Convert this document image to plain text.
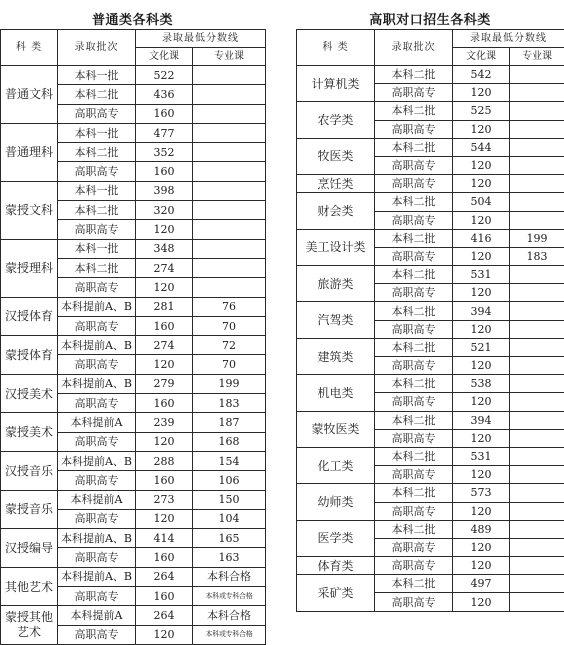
普通类各科类
科 类	录取批次	录取最低分数线	
		文化课	专业课
普通文科	本科一批	522	
	本科二批	436	
	高职高专	160	
普通理科	本科一批	477	
	本科二批	352	
	高职高专	160	
蒙授文科	本科一批	398	
	本科二批	320	
	高职高专	120	
蒙授理科	本科一批	348	
	本科二批	274	
	高职高专	120	
汉授体育	本科提前A、B	281	76
	高职高专	160	70
蒙授体育	本科提前A、B	274	72
	高职高专	120	70
汉授美术	本科提前A、B	279	199
	高职高专	160	183
蒙授美术	本科提前A	239	187
	高职高专	120	168
汉授音乐	本科提前A、B	288	154
	高职高专	160	106
蒙授音乐	本科提前A	273	150
	高职高专	120	104
汉授编导	本科提前A、B	414	165
	高职高专	160	163
其他艺术	本科提前A、B	264	本科合格
	高职高专	160	本科或专科合格
蒙授其他艺术	本科提前A	264	本科合格
	高职高专	120	本科或专科合格
高职对口招生各科类
科 类	录取批次	录取最低分数线	
		文化课	专业课
计算机类	本科二批	542	
	高职高专	120	
农学类	本科二批	525	
	高职高专	120	
牧医类	本科二批	544	
	高职高专	120	
烹饪类	高职高专	120	
财会类	本科二批	504	
	高职高专	120	
美工设计类	本科二批	416	199
	高职高专	120	183
旅游类	本科二批	531	
	高职高专	120	
汽驾类	本科二批	394	
	高职高专	120	
建筑类	本科二批	521	
	高职高专	120	
机电类	本科二批	538	
	高职高专	120	
蒙牧医类	本科二批	394	
	高职高专	120	
化工类	本科二批	531	
	高职高专	120	
幼师类	本科二批	573	
	高职高专	120	
医学类	本科二批	489	
	高职高专	120	
体育类	高职高专	120	
采矿类	本科二批	497	
	高职高专	120	
